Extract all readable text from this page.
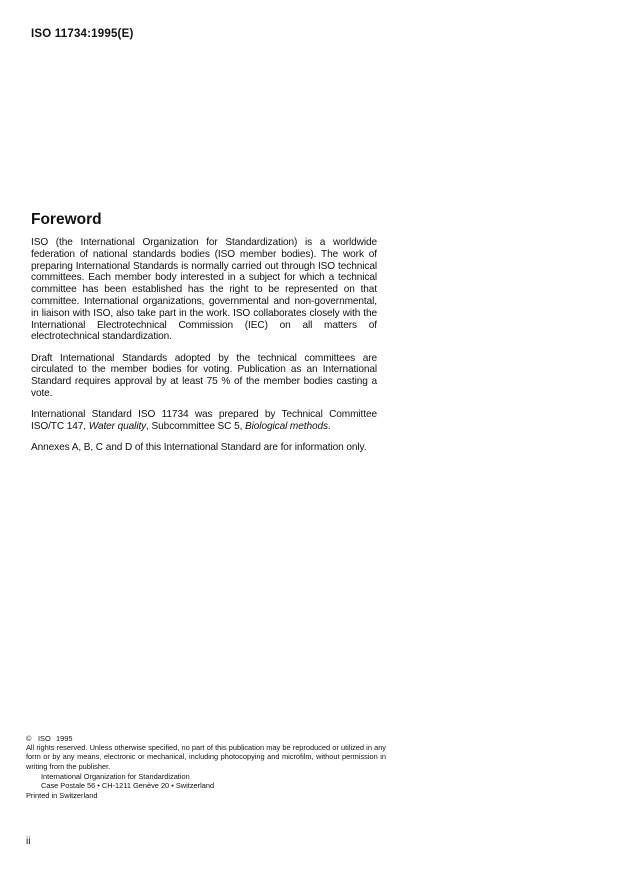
ISO 11734:1995(E)
Foreword

ISO (the International Organization for Standardization) is a worldwide federation of national standards bodies (ISO member bodies). The work of preparing International Standards is normally carried out through ISO technical committees. Each member body interested in a subject for which a technical committee has been established has the right to be represented on that committee. International organizations, governmental and non-governmental, in liaison with ISO, also take part in the work. ISO collaborates closely with the International Electrotechnical Commission (IEC) on all matters of electrotechnical standardization.

Draft International Standards adopted by the technical committees are circulated to the member bodies for voting. Publication as an International Standard requires approval by at least 75 % of the member bodies casting a vote.

International Standard ISO 11734 was prepared by Technical Committee ISO/TC 147, Water quality, Subcommittee SC 5, Biological methods.

Annexes A, B, C and D of this International Standard are for information only.

© ISO 1995

All rights reserved. Unless otherwise specified, no part of this publication may be reproduced or utilized in any form or by any means, electronic or mechanical, including photocopying and microfilm, without permission in writing from the publisher.

International Organization for Standardization
Case Postale 56 • CH-1211 Genève 20 • Switzerland
Printed in Switzerland
ii
